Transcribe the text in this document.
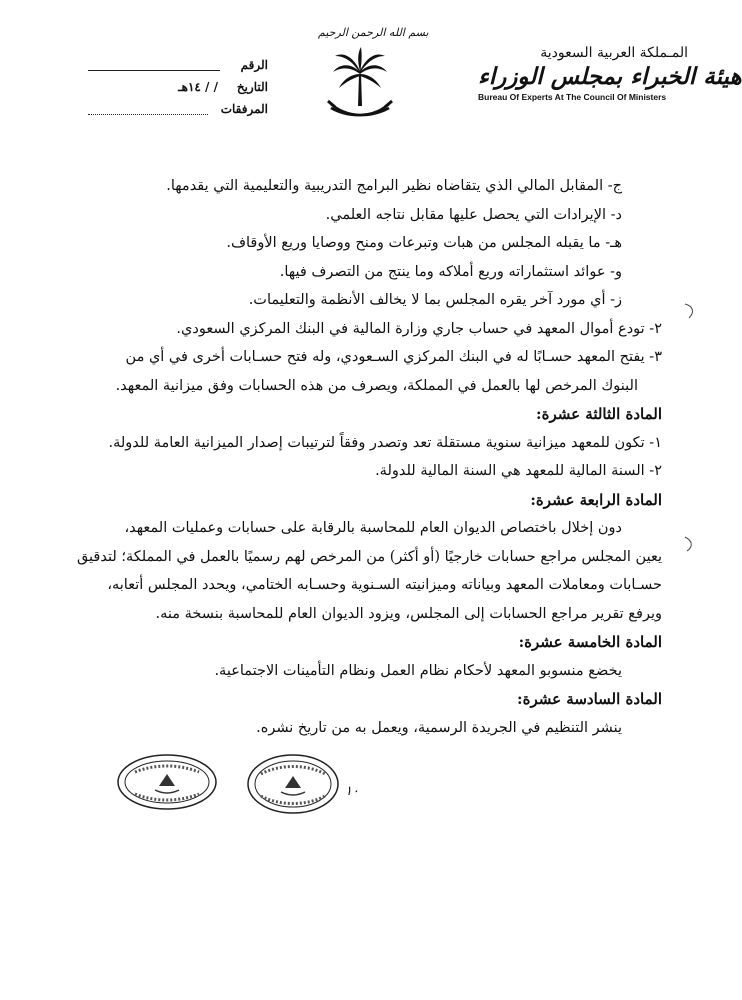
المـملكة العربية السعودية
هيئة الخبراء بمجلس الوزراء
Bureau Of Experts At The Council Of Ministers
بسم الله الرحمن الرحيم
الرقم
التاريخ
/ / ١٤هـ
المرفقات
ج- المقابل المالي الذي يتقاضاه نظير البرامج التدريبية والتعليمية التي يقدمها.
د- الإيرادات التي يحصل عليها مقابل نتاجه العلمي.
هـ- ما يقبله المجلس من هبات وتبرعات ومنح ووصايا وريع الأوقاف.
و- عوائد استثماراته وريع أملاكه وما ينتج من التصرف فيها.
ز- أي مورد آخر يقره المجلس بما لا يخالف الأنظمة والتعليمات.
٢- تودع أموال المعهد في حساب جاري وزارة المالية في البنك المركزي السعودي.
٣- يفتح المعهد حسـابًا له في البنك المركزي السـعودي، وله فتح حسـابات أخرى في أي من
البنوك المرخص لها بالعمل في المملكة، ويصرف من هذه الحسابات وفق ميزانية المعهد.
المادة الثالثة عشرة:
١- تكون للمعهد ميزانية سنوية مستقلة تعد وتصدر وفقاً لترتيبات إصدار الميزانية العامة للدولة.
٢- السنة المالية للمعهد هي السنة المالية للدولة.
المادة الرابعة عشرة:
دون إخلال باختصاص الديوان العام للمحاسبة بالرقابة على حسابات وعمليات المعهد،
يعين المجلس مراجع حسابات خارجيًا (أو أكثر) من المرخص لهم رسميًا بالعمل في المملكة؛ لتدقيق
حسـابات ومعاملات المعهد وبياناته وميزانيته السـنوية وحسـابه الختامي، ويحدد المجلس أتعابه،
ويرفع تقرير مراجع الحسابات إلى المجلس، ويزود الديوان العام للمحاسبة بنسخة منه.
المادة الخامسة عشرة:
يخضع منسوبو المعهد لأحكام نظام العمل ونظام التأمينات الاجتماعية.
المادة السادسة عشرة:
ينشر التنظيم في الجريدة الرسمية، ويعمل به من تاريخ نشره.
١٠
